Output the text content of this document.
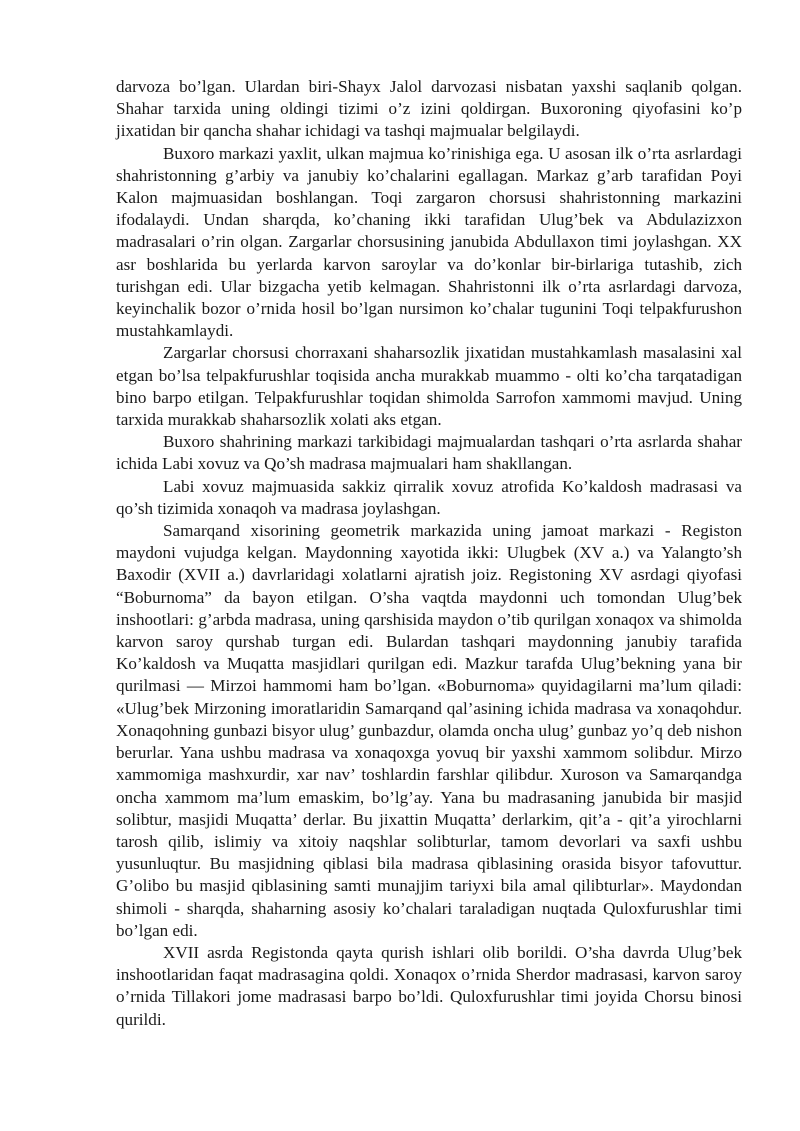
darvoza bo’lgan. Ulardan biri-Shayx Jalol darvozasi nisbatan yaxshi saqlanib qolgan. Shahar tarxida uning oldingi tizimi o’z izini qoldirgan. Buxoroning qiyofasini ko’p jixatidan bir qancha shahar ichidagi va tashqi majmualar belgilaydi.

Buxoro markazi yaxlit, ulkan majmua ko’rinishiga ega. U asosan ilk o’rta asrlardagi shahristonning g’arbiy va janubiy ko’chalarini egallagan. Markaz g’arb tarafidan Poyi Kalon majmuasidan boshlangan. Toqi zargaron chorsusi shahristonning markazini ifodalaydi. Undan sharqda, ko’chaning ikki tarafidan Ulug’bek va Abdulazizxon madrasalari o’rin olgan. Zargarlar chorsusining janubida Abdullaxon timi joylashgan. XX asr boshlarida bu yerlarda karvon saroylar va do’konlar bir-birlariga tutashib, zich turishgan edi. Ular bizgacha yetib kelmagan. Shahristonni ilk o’rta asrlardagi darvoza, keyinchalik bozor o’rnida hosil bo’lgan nursimon ko’chalar tugunini Toqi telpakfurushon mustahkamlaydi.

Zargarlar chorsusi chorraxani shaharsozlik jixatidan mustahkamlash masalasini xal etgan bo’lsa telpakfurushlar toqisida ancha murakkab muammo - olti ko’cha tarqatadigan bino barpo etilgan. Telpakfurushlar toqidan shimolda Sarrofon xammomi mavjud. Uning tarxida murakkab shaharsozlik xolati aks etgan.

Buxoro shahrining markazi tarkibidagi majmualardan tashqari o’rta asrlarda shahar ichida Labi xovuz va Qo’sh madrasa majmualari ham shakllangan.

Labi xovuz majmuasida sakkiz qirralik xovuz atrofida Ko’kaldosh madrasasi va qo’sh tizimida xonaqoh va madrasa joylashgan.

Samarqand xisorining geometrik markazida uning jamoat markazi - Registon maydoni vujudga kelgan. Maydonning xayotida ikki: Ulugbek (XV a.) va Yalangto’sh Baxodir (XVII a.) davrlaridagi xolatlarni ajratish joiz. Registoning XV asrdagi qiyofasi “Boburnoma” da bayon etilgan. O’sha vaqtda maydonni uch tomondan Ulug’bek inshootlari: g’arbda madrasa, uning qarshisida maydon o’tib qurilgan xonaqox va shimolda karvon saroy qurshab turgan edi. Bulardan tashqari maydonning janubiy tarafida Ko’kaldosh va Muqatta masjidlari qurilgan edi. Mazkur tarafda Ulug’bekning yana bir qurilmasi — Mirzoi hammomi ham bo’lgan. «Boburnoma» quyidagilarni ma’lum qiladi: «Ulug’bek Mirzoning imoratlaridin Samarqand qal’asining ichida madrasa va xonaqohdur. Xonaqohning gunbazi bisyor ulug’ gunbazdur, olamda oncha ulug’ gunbaz yo’q deb nishon berurlar. Yana ushbu madrasa va xonaqoxga yovuq bir yaxshi xammom solibdur. Mirzo xammomiga mashxurdir, xar nav’ toshlardin farshlar qilibdur. Xuroson va Samarqandga oncha xammom ma’lum emaskim, bo’lg’ay. Yana bu madrasaning janubida bir masjid solibtur, masjidi Muqatta’ derlar. Bu jixattin Muqatta’ derlarkim, qit’a - qit’a yirochlarni tarosh qilib, islimiy va xitoiy naqshlar solibturlar, tamom devorlari va saxfi ushbu yusunluqtur. Bu masjidning qiblasi bila madrasa qiblasining orasida bisyor tafovuttur. G’olibo bu masjid qiblasining samti munajjim tariyxi bila amal qilibturlar». Maydondan shimoli - sharqda, shaharning asosiy ko’chalari taraladigan nuqtada Quloxfurushlar timi bo’lgan edi.

XVII asrda Registonda qayta qurish ishlari olib borildi. O’sha davrda Ulug’bek inshootlaridan faqat madrasagina qoldi. Xonaqox o’rnida Sherdor madrasasi, karvon saroy o’rnida Tillakori jome madrasasi barpo bo’ldi. Quloxfurushlar timi joyida Chorsu binosi qurildi.
